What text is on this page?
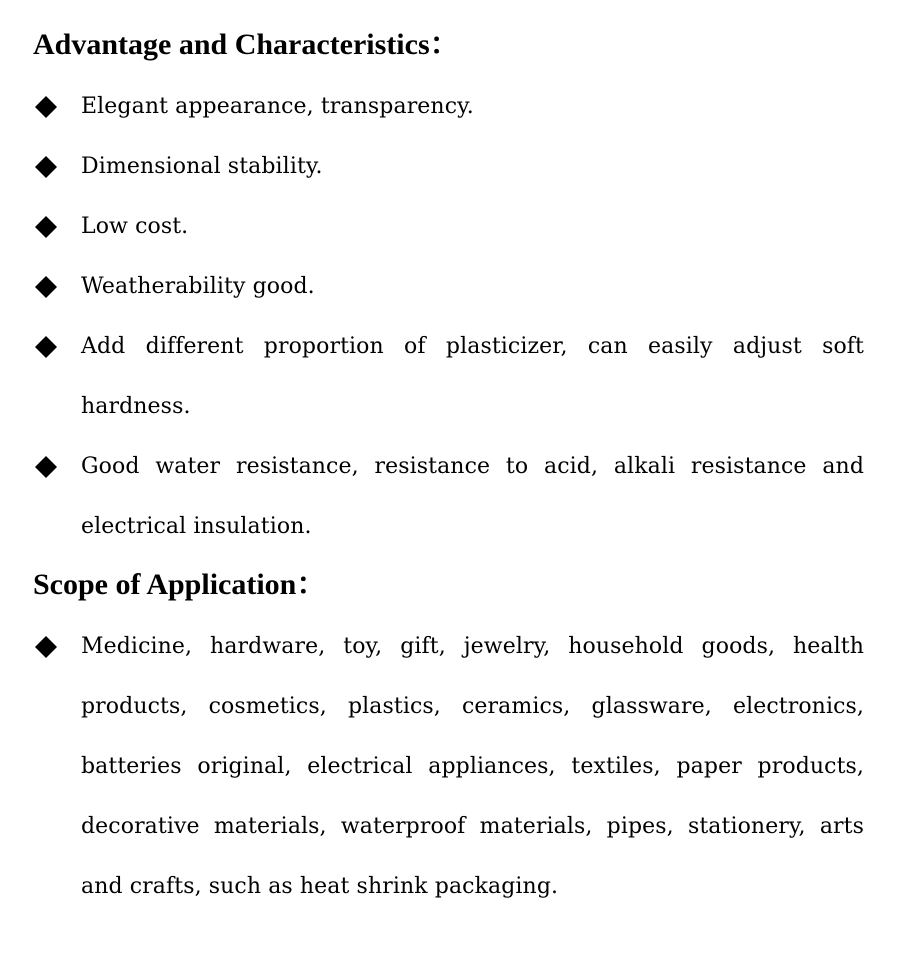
Advantage and Characteristics：
Elegant appearance, transparency.
Dimensional stability.
Low cost.
Weatherability good.
Add different proportion of plasticizer, can easily adjust soft hardness.
Good water resistance, resistance to acid, alkali resistance and electrical insulation.
Scope of Application：
Medicine, hardware, toy, gift, jewelry, household goods, health products, cosmetics, plastics, ceramics, glassware, electronics, batteries original, electrical appliances, textiles, paper products, decorative materials, waterproof materials, pipes, stationery, arts and crafts, such as heat shrink packaging.
